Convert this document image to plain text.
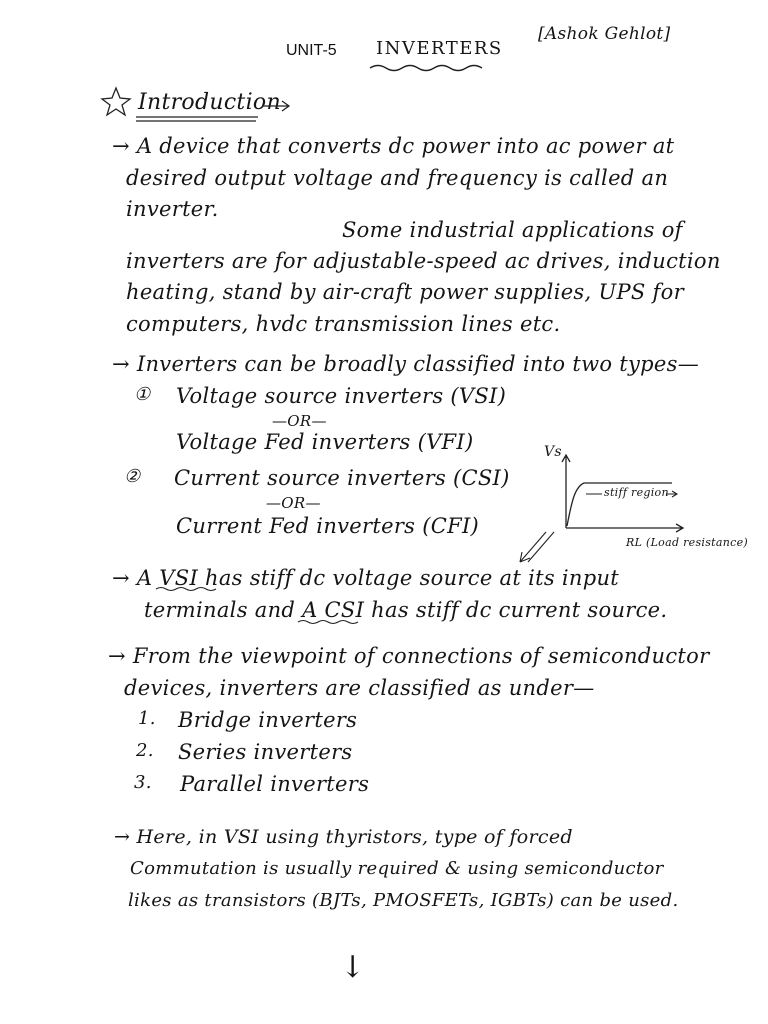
UNIT-5 INVERTERS
[Ashok Gehlot]
Introduction
→ A device that converts dc power into ac power at
desired output voltage and frequency is called an
inverter.
Some industrial applications of
inverters are for adjustable-speed ac drives, induction
heating, stand by air-craft power supplies, UPS for
computers, hvdc transmission lines etc.
→ Inverters can be broadly classified into two types—
① Voltage source inverters (VSI)
—OR—
Voltage Fed inverters (VFI)
② Current source inverters (CSI)
—OR—
Current Fed inverters (CFI)
Vs
stiff region
RL (Load resistance)
→ A VSI has stiff dc voltage source at its input
terminals and A CSI has stiff dc current source.
→ From the viewpoint of connections of semiconductor
devices, inverters are classified as under—
1. Bridge inverters
2. Series inverters
3. Parallel inverters
→ Here, in VSI using thyristors, type of forced
Commutation is usually required & using semiconductor
likes as transistors (BJTs, PMOSFETs, IGBTs) can be used.
↓
